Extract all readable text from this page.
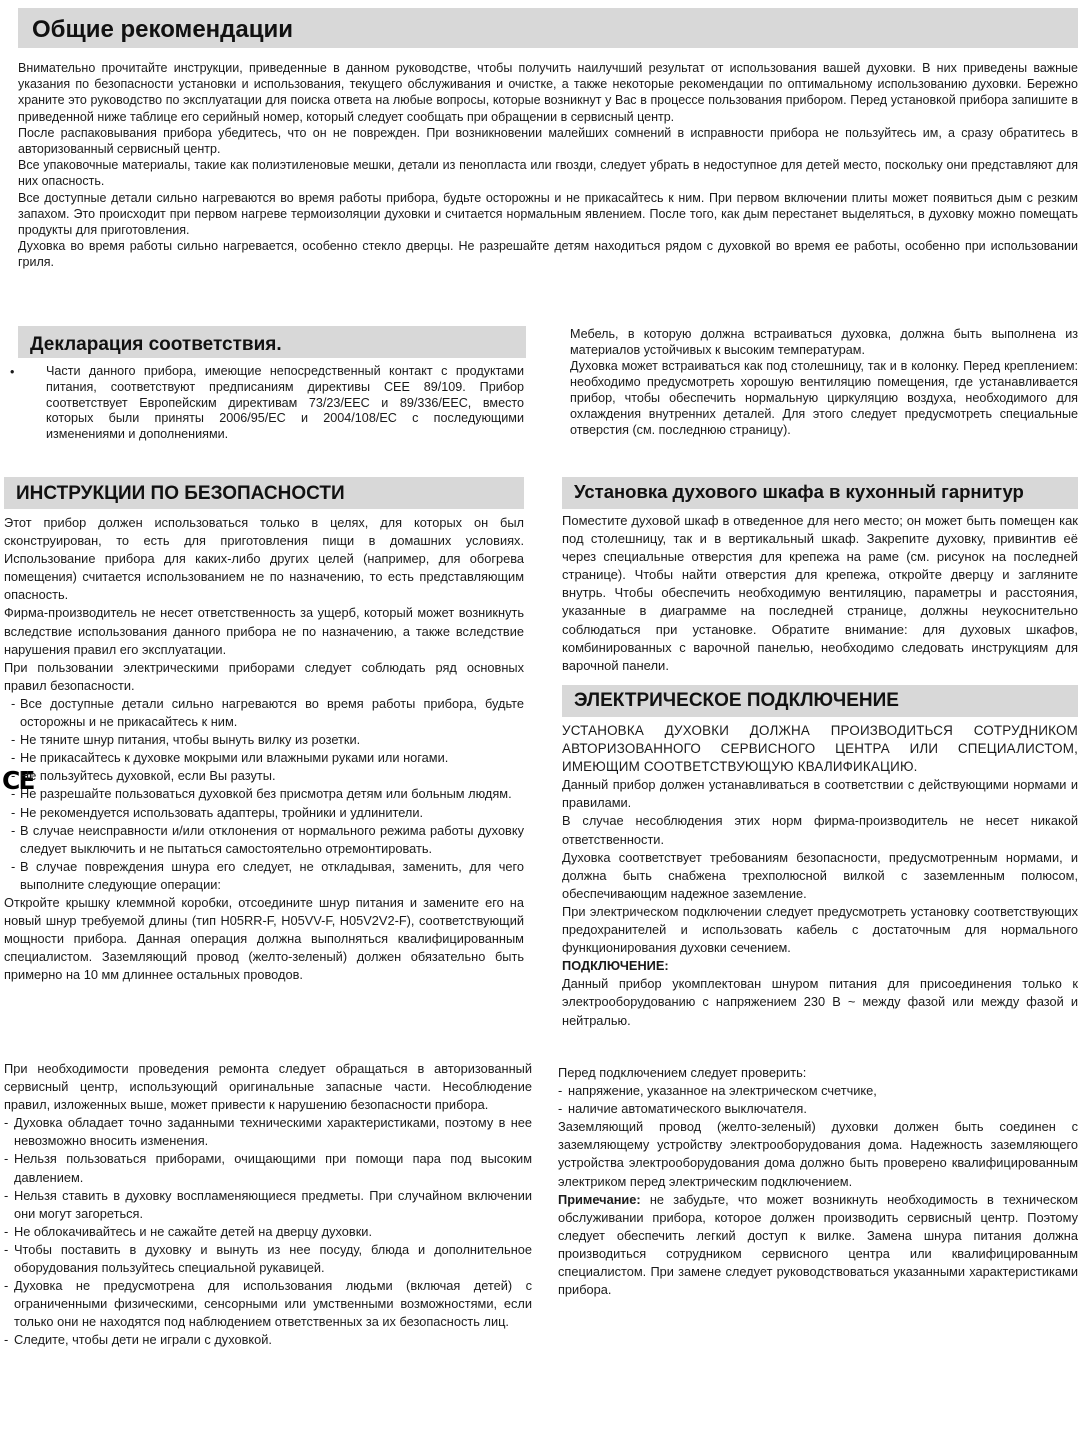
Общие рекомендации

Внимательно прочитайте инструкции, приведенные в данном руководстве, чтобы получить наилучший результат от использования вашей духовки. В них приведены важные указания по безопасности установки и использования, текущего обслуживания и очистке, а также некоторые рекомендации по оптимальному использованию духовки. Бережно храните это руководство по эксплуатации для поиска ответа на любые вопросы, которые возникнут у Вас в процессе пользования прибором. Перед установкой прибора запишите в приведенной ниже таблице его серийный номер, который следует сообщать при обращении в сервисный центр.

После распаковывания прибора убедитесь, что он не поврежден. При возникновении малейших сомнений в исправности прибора не пользуйтесь им, а сразу обратитесь в авторизованный сервисный центр.

Все упаковочные материалы, такие как полиэтиленовые мешки, детали из пенопласта или гвозди, следует убрать в недоступное для детей место, поскольку они представляют для них опасность.

Все доступные детали сильно нагреваются во время работы прибора, будьте осторожны и не прикасайтесь к ним. При первом включении плиты может появиться дым с резким запахом. Это происходит при первом нагреве термоизоляции духовки и считается нормальным явлением. После того, как дым перестанет выделяться, в духовку можно помещать продукты для приготовления.

Духовка во время работы сильно нагревается, особенно стекло дверцы. Не разрешайте детям находиться рядом с духовкой во время ее работы, особенно при использовании гриля.

Декларация соответствия.
•
CE

Части данного прибора, имеющие непосредственный контакт с продуктами питания, соответствуют предписаниям директивы CEE 89/109. Прибор соответствует Европейским директивам 73/23/EEC и 89/336/EEC, вместо которых были приняты 2006/95/EC и 2004/108/EC с последующими изменениями и дополнениями.

Мебель, в которую должна встраиваться духовка, должна быть выполнена из материалов устойчивых к высоким температурам.

Духовка может встраиваться как под столешницу, так и в колонку. Перед креплением: необходимо предусмотреть хорошую вентиляцию помещения, где устанавливается прибор, чтобы обеспечить нормальную циркуляцию воздуха, необходимого для охлаждения внутренних деталей. Для этого следует предусмотреть специальные отверстия (см. последнюю страницу).

ИНСТРУКЦИИ ПО БЕЗОПАСНОСТИ

Этот прибор должен использоваться только в целях, для которых он был сконструирован, то есть для приготовления пищи в домашних условиях. Использование прибора для каких-либо других целей (например, для обогрева помещения) считается использованием не по назначению, то есть представляющим опасность.

Фирма-производитель не несет ответственность за ущерб, который может возникнуть вследствие использования данного прибора не по назначению, а также вследствие нарушения правил его эксплуатации.

При пользовании электрическими приборами следует соблюдать ряд основных правил безопасности.

- Все доступные детали сильно нагреваются во время работы прибора, будьте осторожны и не прикасайтесь к ним.
- Не тяните шнур питания, чтобы вынуть вилку из розетки.
- Не прикасайтесь к духовке мокрыми или влажными руками или ногами.
- Не пользуйтесь духовкой, если Вы разуты.
- Не разрешайте пользоваться духовкой без присмотра детям или больным людям.
- Не рекомендуется использовать адаптеры, тройники и удлинители.
- В случае неисправности и/или отклонения от нормального режима работы духовку следует выключить и не пытаться самостоятельно отремонтировать.
- В случае повреждения шнура его следует, не откладывая, заменить, для чего выполните следующие операции:

Откройте крышку клеммной коробки, отсоедините шнур питания и замените его на новый шнур требуемой длины (тип H05RR-F, H05VV-F, H05V2V2-F), соответствующий мощности прибора. Данная операция должна выполняться квалифицированным специалистом. Заземляющий провод (желто-зеленый) должен обязательно быть примерно на 10 мм длиннее остальных проводов.

При необходимости проведения ремонта следует обращаться в авторизованный сервисный центр, использующий оригинальные запасные части. Несоблюдение правил, изложенных выше, может привести к нарушению безопасности прибора.

- Духовка обладает точно заданными техническими характеристиками, поэтому в нее невозможно вносить изменения.
- Нельзя пользоваться приборами, очищающими при помощи пара под высоким давлением.
- Нельзя ставить в духовку воспламеняющиеся предметы. При случайном включении они могут загореться.
- Не облокачивайтесь и не сажайте детей на дверцу духовки.
- Чтобы поставить в духовку и вынуть из нее посуду, блюда и дополнительное оборудования пользуйтесь специальной рукавицей.
- Духовка не предусмотрена для использования людьми (включая детей) с ограниченными физическими, сенсорными или умственными возможностями, если только они не находятся под наблюдением ответственных за их безопасность лиц.
- Следите, чтобы дети не играли с духовкой.
Установка духового шкафа в кухонный гарнитур

Поместите духовой шкаф в отведенное для него место; он может быть помещен как под столешницу, так и в вертикальный шкаф. Закрепите духовку, привинтив её через специальные отверстия для крепежа на раме (см. рисунок на последней странице). Чтобы найти отверстия для крепежа, откройте дверцу и загляните внутрь. Чтобы обеспечить необходимую вентиляцию, параметры и расстояния, указанные в диаграмме на последней странице, должны неукоснительно соблюдаться при установке. Обратите внимание: для духовых шкафов, комбинированных с варочной панелью, необходимо следовать инструкциям для варочной панели.

ЭЛЕКТРИЧЕСКОЕ ПОДКЛЮЧЕНИЕ

УСТАНОВКА ДУХОВКИ ДОЛЖНА ПРОИЗВОДИТЬСЯ СОТРУДНИКОМ АВТОРИЗОВАННОГО СЕРВИСНОГО ЦЕНТРА ИЛИ СПЕЦИАЛИСТОМ, ИМЕЮЩИМ СООТВЕТСТВУЮЩУЮ КВАЛИФИКАЦИЮ.

Данный прибор должен устанавливаться в соответствии с действующими нормами и правилами.

В случае несоблюдения этих норм фирма-производитель не несет никакой ответственности.

Духовка соответствует требованиям безопасности, предусмотренным нормами, и должна быть снабжена трехполюсной вилкой с заземленным полюсом, обеспечивающим надежное заземление.

При электрическом подключении следует предусмотреть установку соответствующих предохранителей и использовать кабель с достаточным для нормального функционирования духовки сечением.

ПОДКЛЮЧЕНИЕ:

Данный прибор укомплектован шнуром питания для присоединения только к электрооборудованию с напряжением 230 В ~ между фазой или между фазой и нейтралью.

Перед подключением следует проверить:

- напряжение, указанное на электрическом счетчике,
- наличие автоматического выключателя.

Заземляющий провод (желто-зеленый) духовки должен быть соединен с заземляющему устройству электрооборудования дома. Надежность заземляющего устройства электрооборудования дома должно быть проверено квалифицированным электриком перед электрическим подключением.

Примечание: не забудьте, что может возникнуть необходимость в техническом обслуживании прибора, которое должен производить сервисный центр. Поэтому следует обеспечить легкий доступ к вилке. Замена шнура питания должна производиться сотрудником сервисного центра или квалифицированным специалистом. При замене следует руководствоваться указанными характеристиками прибора.
